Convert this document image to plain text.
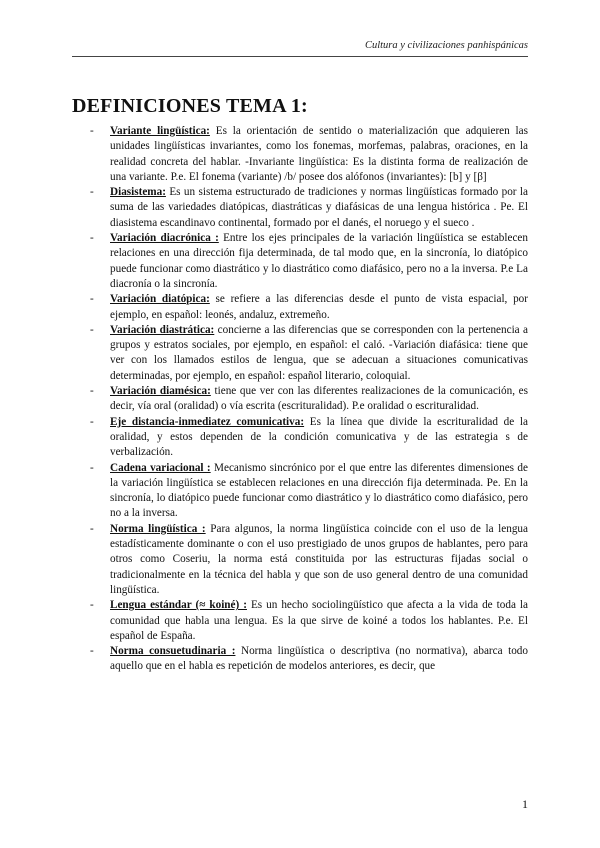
Cultura y civilizaciones panhispánicas
DEFINICIONES TEMA 1:
- Variante lingüística: Es la orientación de sentido o materialización que adquieren las unidades lingüísticas invariantes, como los fonemas, morfemas, palabras, oraciones, en la realidad concreta del hablar. -Invariante lingüística: Es la distinta forma de realización de una variante. P.e. El fonema (variante) /b/ posee dos alófonos (invariantes): [b] y [β]
- Diasistema: Es un sistema estructurado de tradiciones y normas lingüísticas formado por la suma de las variedades diatópicas, diastráticas y diafásicas de una lengua histórica . Pe. El diasistema escandinavo continental, formado por el danés, el noruego y el sueco .
- Variación diacrónica : Entre los ejes principales de la variación lingüística se establecen relaciones en una dirección fija determinada, de tal modo que, en la sincronía, lo diatópico puede funcionar como diastrático y lo diastrático como diafásico, pero no a la inversa. P.e La diacronía o la sincronía.
- Variación diatópica: se refiere a las diferencias desde el punto de vista espacial, por ejemplo, en español: leonés, andaluz, extremeño.
- Variación diastrática: concierne a las diferencias que se corresponden con la pertenencia a grupos y estratos sociales, por ejemplo, en español: el caló. -Variación diafásica: tiene que ver con los llamados estilos de lengua, que se adecuan a situaciones comunicativas determinadas, por ejemplo, en español: español literario, coloquial.
- Variación diamésica: tiene que ver con las diferentes realizaciones de la comunicación, es decir, vía oral (oralidad) o vía escrita (escrituralidad). P.e oralidad o escrituralidad.
- Eje distancia-inmediatez comunicativa: Es la línea que divide la escrituralidad de la oralidad, y estos dependen de la condición comunicativa y de las estrategia s de verbalización.
- Cadena variacional : Mecanismo sincrónico por el que entre las diferentes dimensiones de la variación lingüística se establecen relaciones en una dirección fija determinada. Pe. En la sincronía, lo diatópico puede funcionar como diastrático y lo diastrático como diafásico, pero no a la inversa.
- Norma lingüística : Para algunos, la norma lingüística coincide con el uso de la lengua estadísticamente dominante o con el uso prestigiado de unos grupos de hablantes, pero para otros como Coseriu, la norma está constituida por las estructuras fijadas social o tradicionalmente en la técnica del habla y que son de uso general dentro de una comunidad lingüística.
- Lengua estándar (≈ koiné) : Es un hecho sociolingüístico que afecta a la vida de toda la comunidad que habla una lengua. Es la que sirve de koiné a todos los hablantes. P.e. El español de España.
- Norma consuetudinaria : Norma lingüística o descriptiva (no normativa), abarca todo aquello que en el habla es repetición de modelos anteriores, es decir, que
1
